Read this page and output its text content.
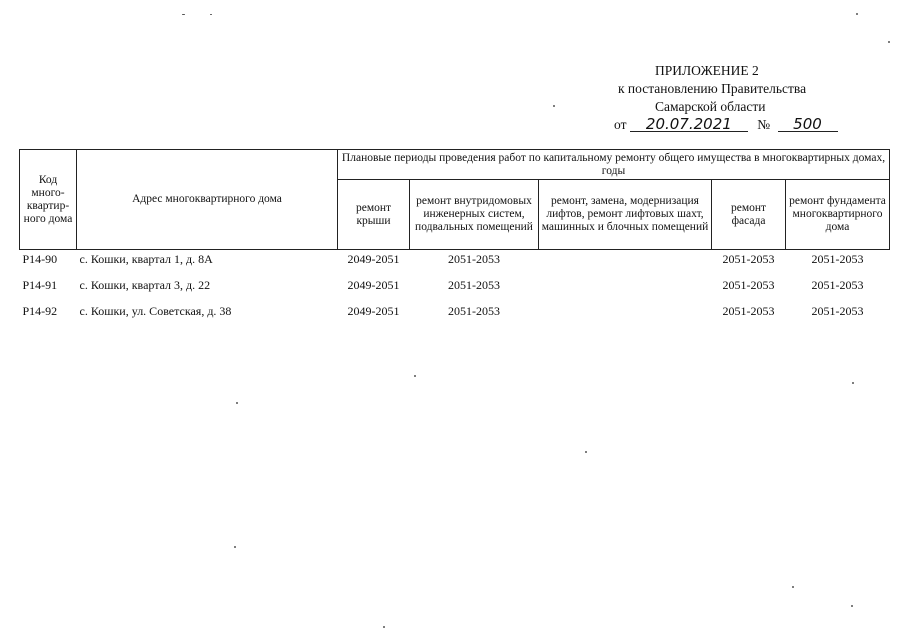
ПРИЛОЖЕНИЕ 2
к постановлению Правительства
Самарской области
от 20.07.2021 № 500
Код много-квартир-ного дома	Адрес многоквартирного дома	Плановые периоды проведения работ по капитальному ремонту общего имущества в многоквартирных домах, годы				
		ремонт крыши	ремонт внутридомовых инженерных систем, подвальных помещений	ремонт, замена, модернизация лифтов, ремонт лифтовых шахт, машинных и блочных помещений	ремонт фасада	ремонт фундамента многоквартирного дома
Р14-90	с. Кошки, квартал 1, д. 8А	2049-2051	2051-2053		2051-2053	2051-2053
Р14-91	с. Кошки, квартал 3, д. 22	2049-2051	2051-2053		2051-2053	2051-2053
Р14-92	с. Кошки, ул. Советская, д. 38	2049-2051	2051-2053		2051-2053	2051-2053
